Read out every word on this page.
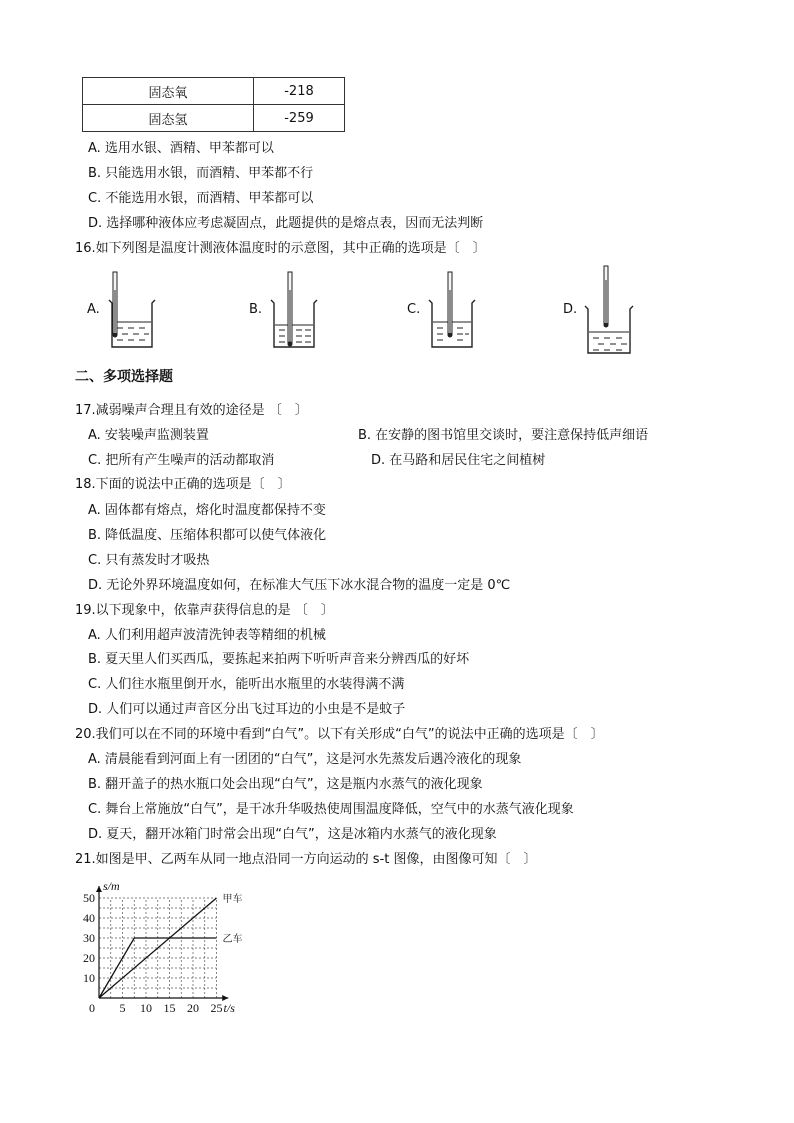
固态氧	-218
固态氢	-259
A. 选用水银、酒精、甲苯都可以
B. 只能选用水银，而酒精、甲苯都不行
C. 不能选用水银，而酒精、甲苯都可以
D. 选择哪种液体应考虑凝固点，此题提供的是熔点表，因而无法判断
16.如下列图是温度计测液体温度时的示意图，其中正确的选项是〔　〕
A.	B.	C.	D.
二、多项选择题
17.减弱噪声合理且有效的途径是 〔　〕
A. 安装噪声监测装置	B. 在安静的图书馆里交谈时，要注意保持低声细语
C. 把所有产生噪声的活动都取消	D. 在马路和居民住宅之间植树
18.下面的说法中正确的选项是〔　〕
A. 固体都有熔点，熔化时温度都保持不变
B. 降低温度、压缩体积都可以使气体液化
C. 只有蒸发时才吸热
D. 无论外界环境温度如何，在标准大气压下冰水混合物的温度一定是 0℃
19.以下现象中，依靠声获得信息的是 〔　〕
A. 人们利用超声波清洗钟表等精细的机械
B. 夏天里人们买西瓜，要拣起来拍两下听听声音来分辨西瓜的好坏
C. 人们往水瓶里倒开水，能听出水瓶里的水装得满不满
D. 人们可以通过声音区分出飞过耳边的小虫是不是蚊子
20.我们可以在不同的环境中看到“白气”。以下有关形成“白气”的说法中正确的选项是〔　〕
A. 清晨能看到河面上有一团团的“白气”，这是河水先蒸发后遇冷液化的现象
B. 翻开盖子的热水瓶口处会出现“白气”，这是瓶内水蒸气的液化现象
C. 舞台上常施放“白气”，是干冰升华吸热使周围温度降低，空气中的水蒸气液化现象
D. 夏天，翻开冰箱门时常会出现“白气”，这是冰箱内水蒸气的液化现象
21.如图是甲、乙两车从同一地点沿同一方向运动的 s-t 图像，由图像可知〔　〕
0 5 10 15 20 25
10
20
30
40
50
t/s
s/m
甲车
乙车
